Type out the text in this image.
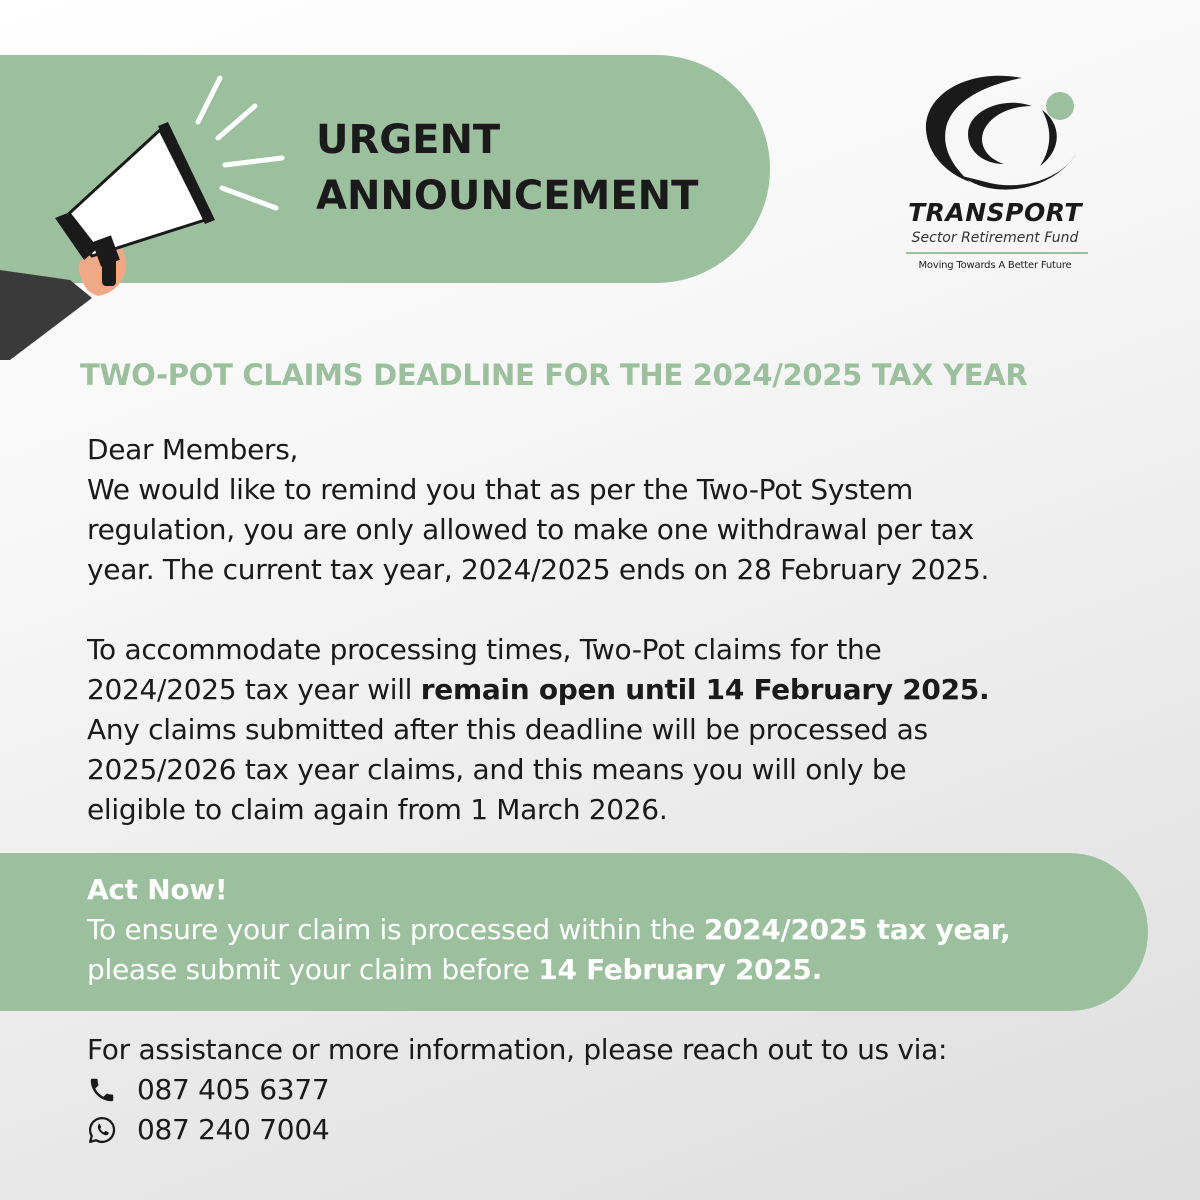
URGENT
ANNOUNCEMENT	TRANSPORT
Sector Retirement Fund
Moving Towards A Better Future
TWO-POT CLAIMS DEADLINE FOR THE 2024/2025 TAX YEAR

Dear Members,

We would like to remind you that as per the Two-Pot System

regulation, you are only allowed to make one withdrawal per tax

year. The current tax year, 2024/2025 ends on 28 February 2025.

To accommodate processing times, Two-Pot claims for the

2024/2025 tax year will remain open until 14 February 2025.

Any claims submitted after this deadline will be processed as

2025/2026 tax year claims, and this means you will only be

eligible to claim again from 1 March 2026.

Act Now!

To ensure your claim is processed within the 2024/2025 tax year,

please submit your claim before 14 February 2025.

For assistance or more information, please reach out to us via:

087 405 6377
087 240 7004
